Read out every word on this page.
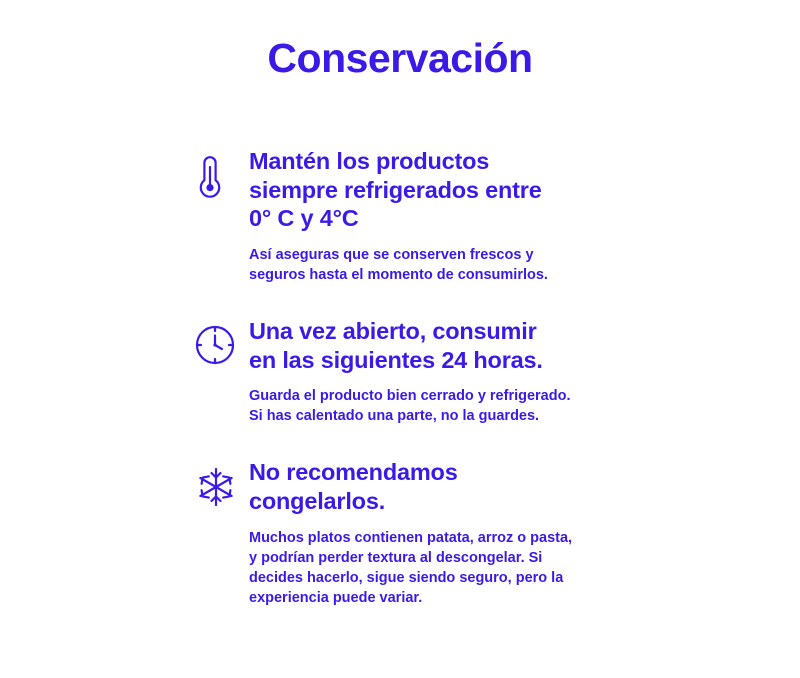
Conservación
Mantén los productos
siempre refrigerados entre
0° C y 4°C

Así aseguras que se conserven frescos y seguros hasta el momento de consumirlos.

Una vez abierto, consumir
en las siguientes 24 horas.

Guarda el producto bien cerrado y refrigerado. Si has calentado una parte, no la guardes.

No recomendamos
congelarlos.

Muchos platos contienen patata, arroz o pasta, y podrían perder textura al descongelar. Si decides hacerlo, sigue siendo seguro, pero la experiencia puede variar.
